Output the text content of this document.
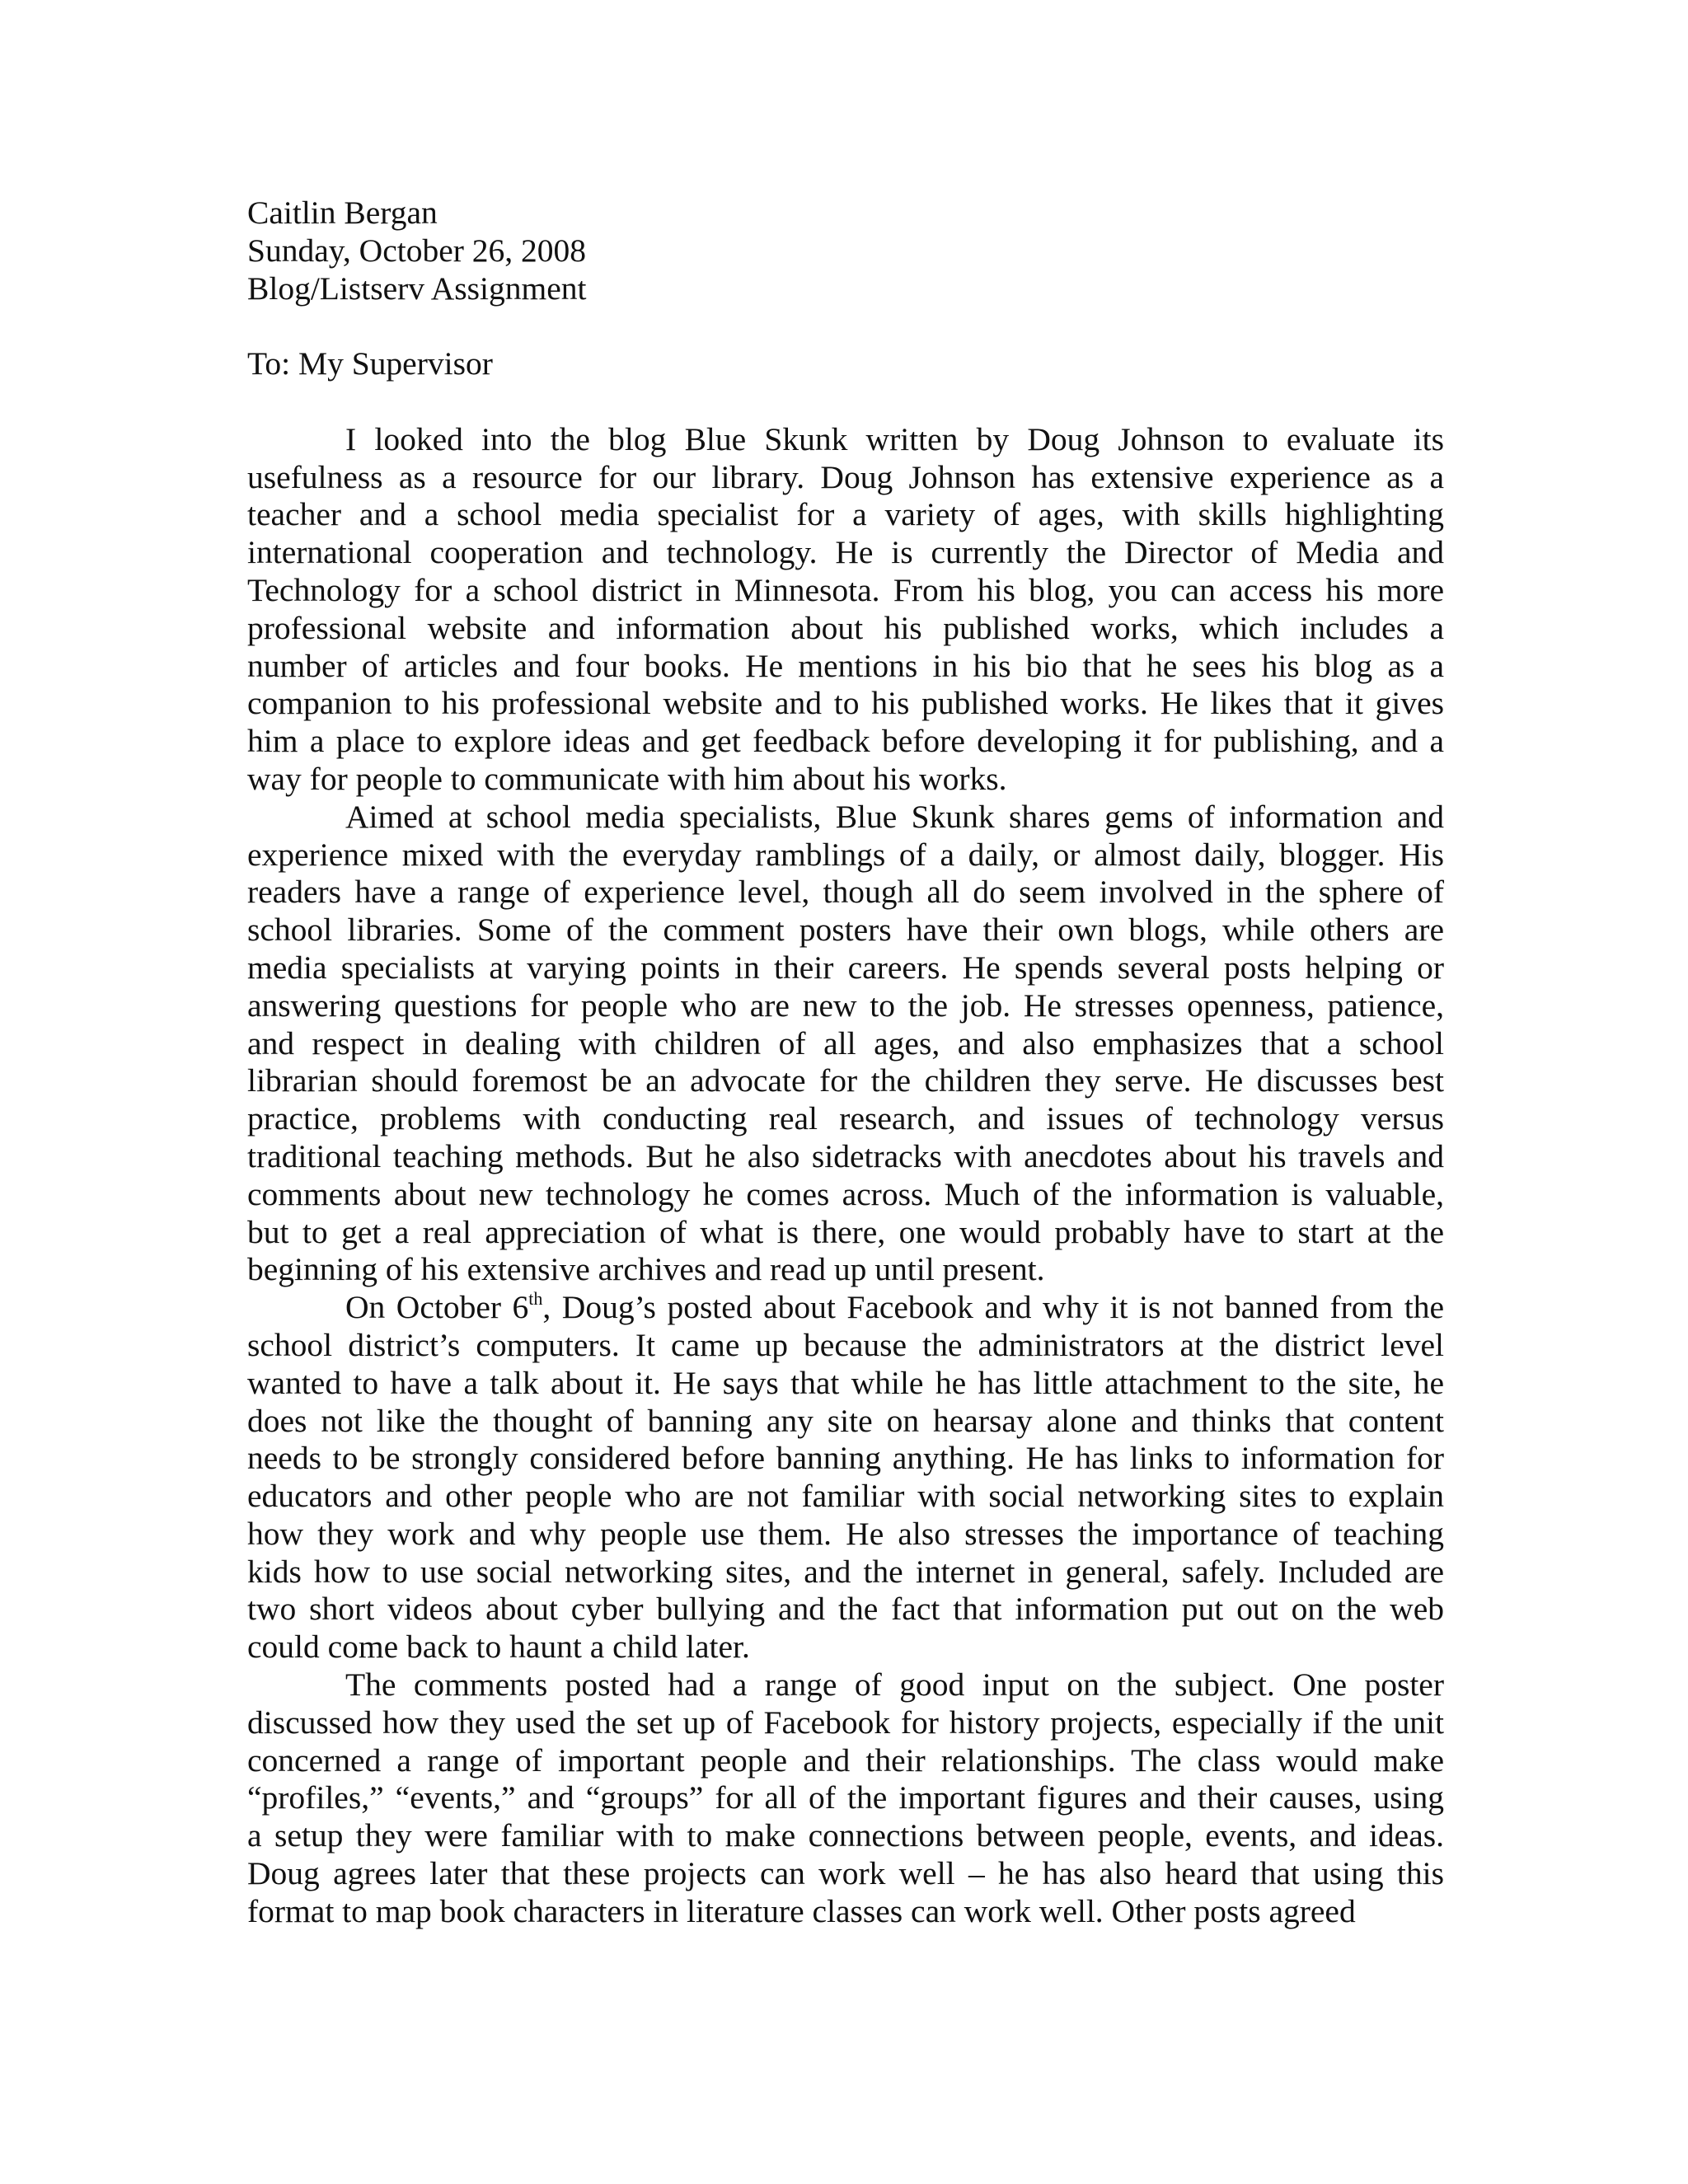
Caitlin Bergan

Sunday, October 26, 2008

Blog/Listserv Assignment

To: My Supervisor

I looked into the blog Blue Skunk written by Doug Johnson to evaluate its usefulness as a resource for our library. Doug Johnson has extensive experience as a teacher and a school media specialist for a variety of ages, with skills highlighting international cooperation and technology. He is currently the Director of Media and Technology for a school district in Minnesota. From his blog, you can access his more professional website and information about his published works, which includes a number of articles and four books. He mentions in his bio that he sees his blog as a companion to his professional website and to his published works. He likes that it gives him a place to explore ideas and get feedback before developing it for publishing, and a way for people to communicate with him about his works.

Aimed at school media specialists, Blue Skunk shares gems of information and experience mixed with the everyday ramblings of a daily, or almost daily, blogger. His readers have a range of experience level, though all do seem involved in the sphere of school libraries. Some of the comment posters have their own blogs, while others are media specialists at varying points in their careers. He spends several posts helping or answering questions for people who are new to the job. He stresses openness, patience, and respect in dealing with children of all ages, and also emphasizes that a school librarian should foremost be an advocate for the children they serve. He discusses best practice, problems with conducting real research, and issues of technology versus traditional teaching methods. But he also sidetracks with anecdotes about his travels and comments about new technology he comes across. Much of the information is valuable, but to get a real appreciation of what is there, one would probably have to start at the beginning of his extensive archives and read up until present.

On October 6th, Doug’s posted about Facebook and why it is not banned from the school district’s computers. It came up because the administrators at the district level wanted to have a talk about it. He says that while he has little attachment to the site, he does not like the thought of banning any site on hearsay alone and thinks that content needs to be strongly considered before banning anything. He has links to information for educators and other people who are not familiar with social networking sites to explain how they work and why people use them. He also stresses the importance of teaching kids how to use social networking sites, and the internet in general, safely. Included are two short videos about cyber bullying and the fact that information put out on the web could come back to haunt a child later.

The comments posted had a range of good input on the subject. One poster discussed how they used the set up of Facebook for history projects, especially if the unit concerned a range of important people and their relationships. The class would make “profiles,” “events,” and “groups” for all of the important figures and their causes, using a setup they were familiar with to make connections between people, events, and ideas. Doug agrees later that these projects can work well – he has also heard that using this format to map book characters in literature classes can work well. Other posts agreed
